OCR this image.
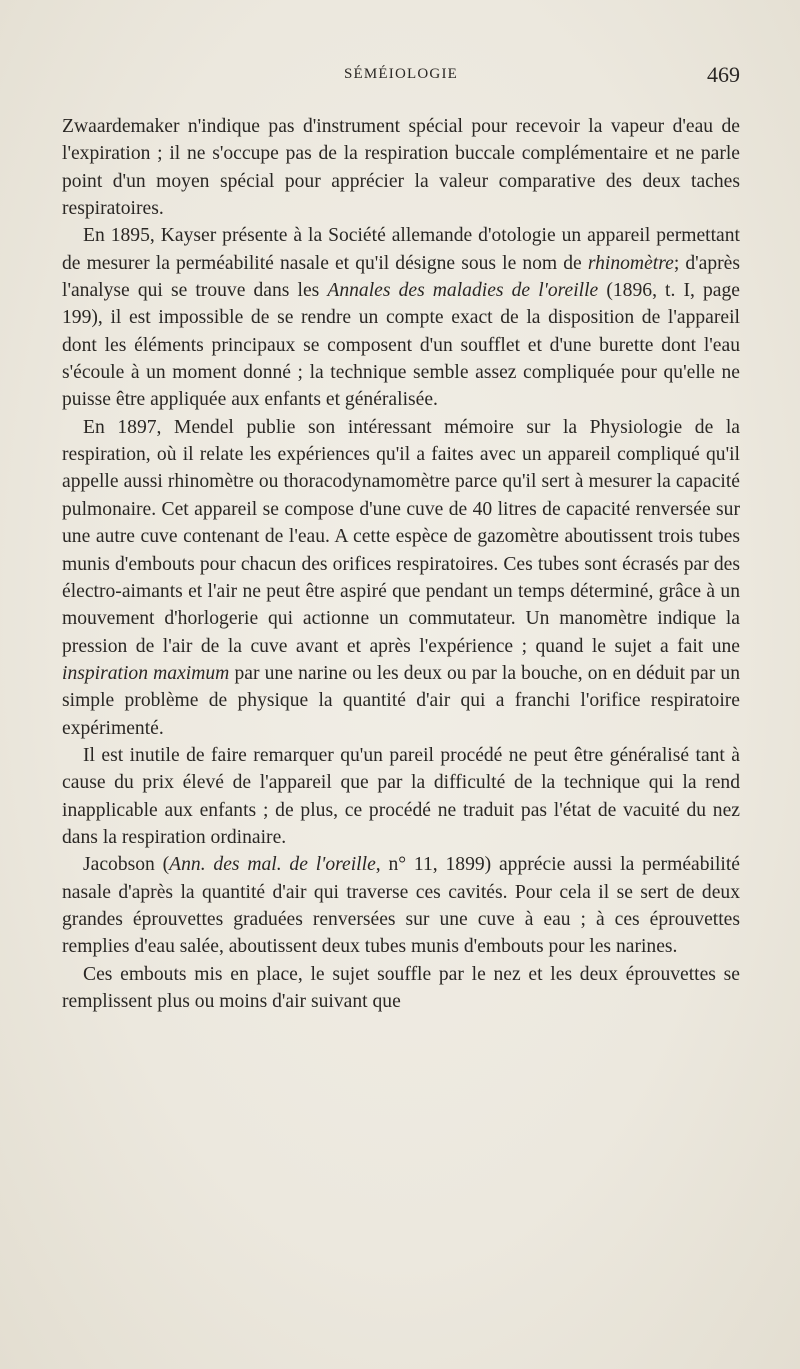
SÉMÉIOLOGIE	469

Zwaardemaker n'indique pas d'instrument spécial pour recevoir la vapeur d'eau de l'expiration ; il ne s'occupe pas de la respiration buccale complémentaire et ne parle point d'un moyen spécial pour apprécier la valeur comparative des deux taches respiratoires.

En 1895, Kayser présente à la Société allemande d'otologie un appareil permettant de mesurer la perméabilité nasale et qu'il désigne sous le nom de rhinomètre; d'après l'analyse qui se trouve dans les Annales des maladies de l'oreille (1896, t. I, page 199), il est impossible de se rendre un compte exact de la disposition de l'appareil dont les éléments principaux se composent d'un soufflet et d'une burette dont l'eau s'écoule à un moment donné ; la technique semble assez compliquée pour qu'elle ne puisse être appliquée aux enfants et généralisée.

En 1897, Mendel publie son intéressant mémoire sur la Physiologie de la respiration, où il relate les expériences qu'il a faites avec un appareil compliqué qu'il appelle aussi rhinomètre ou thoracodynamomètre parce qu'il sert à mesurer la capacité pulmonaire. Cet appareil se compose d'une cuve de 40 litres de capacité renversée sur une autre cuve contenant de l'eau. A cette espèce de gazomètre aboutissent trois tubes munis d'embouts pour chacun des orifices respiratoires. Ces tubes sont écrasés par des électro-aimants et l'air ne peut être aspiré que pendant un temps déterminé, grâce à un mouvement d'horlogerie qui actionne un commutateur. Un manomètre indique la pression de l'air de la cuve avant et après l'expérience ; quand le sujet a fait une inspiration maximum par une narine ou les deux ou par la bouche, on en déduit par un simple problème de physique la quantité d'air qui a franchi l'orifice respiratoire expérimenté.

Il est inutile de faire remarquer qu'un pareil procédé ne peut être généralisé tant à cause du prix élevé de l'appareil que par la difficulté de la technique qui la rend inapplicable aux enfants ; de plus, ce procédé ne traduit pas l'état de vacuité du nez dans la respiration ordinaire.

Jacobson (Ann. des mal. de l'oreille, n° 11, 1899) apprécie aussi la perméabilité nasale d'après la quantité d'air qui traverse ces cavités. Pour cela il se sert de deux grandes éprouvettes graduées renversées sur une cuve à eau ; à ces éprouvettes remplies d'eau salée, aboutissent deux tubes munis d'embouts pour les narines.

Ces embouts mis en place, le sujet souffle par le nez et les deux éprouvettes se remplissent plus ou moins d'air suivant que
